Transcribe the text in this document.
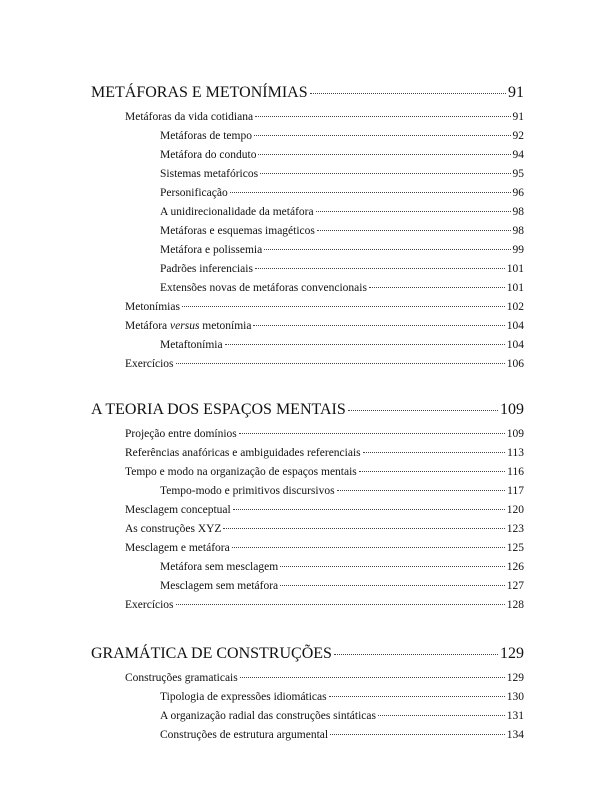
METÁFORAS E METONÍMIAS	91
Metáforas da vida cotidiana	91
Metáforas de tempo	92
Metáfora do conduto	94
Sistemas metafóricos	95
Personificação	96
A unidirecionalidade da metáfora	98
Metáforas e esquemas imagéticos	98
Metáfora e polissemia	99
Padrões inferenciais	101
Extensões novas de metáforas convencionais	101
Metonímias	102
Metáfora versus metonímia	104
Metaftonímia	104
Exercícios	106
A TEORIA DOS ESPAÇOS MENTAIS	109
Projeção entre domínios	109
Referências anafóricas e ambiguidades referenciais	113
Tempo e modo na organização de espaços mentais	116
Tempo-modo e primitivos discursivos	117
Mesclagem conceptual	120
As construções XYZ	123
Mesclagem e metáfora	125
Metáfora sem mesclagem	126
Mesclagem sem metáfora	127
Exercícios	128
GRAMÁTICA DE CONSTRUÇÕES	129
Construções gramaticais	129
Tipologia de expressões idiomáticas	130
A organização radial das construções sintáticas	131
Construções de estrutura argumental	134
